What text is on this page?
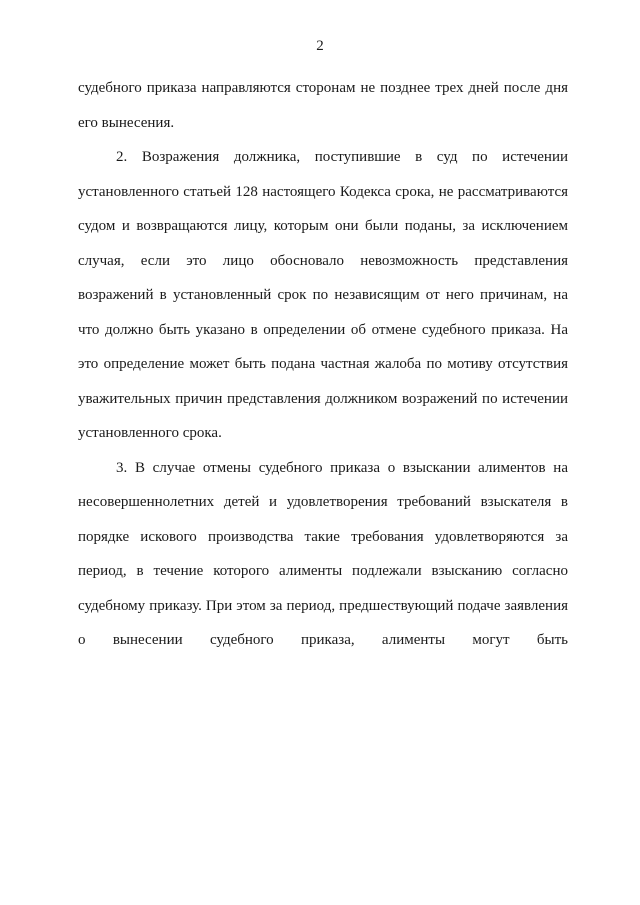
2

судебного приказа направляются сторонам не позднее трех дней после дня его вынесения.

2. Возражения должника, поступившие в суд по истечении установленного статьей 128 настоящего Кодекса срока, не рассматриваются судом и возвращаются лицу, которым они были поданы, за исключением случая, если это лицо обосновало невозможность представления возражений в установленный срок по независящим от него причинам, на что должно быть указано в определении об отмене судебного приказа. На это определение может быть подана частная жалоба по мотиву отсутствия уважительных причин представления должником возражений по истечении установленного срока.

3. В случае отмены судебного приказа о взыскании алиментов на несовершеннолетних детей и удовлетворения требований взыскателя в порядке искового производства такие требования удовлетворяются за период, в течение которого алименты подлежали взысканию согласно судебному приказу. При этом за период, предшествующий подаче заявления о вынесении судебного приказа, алименты могут быть
